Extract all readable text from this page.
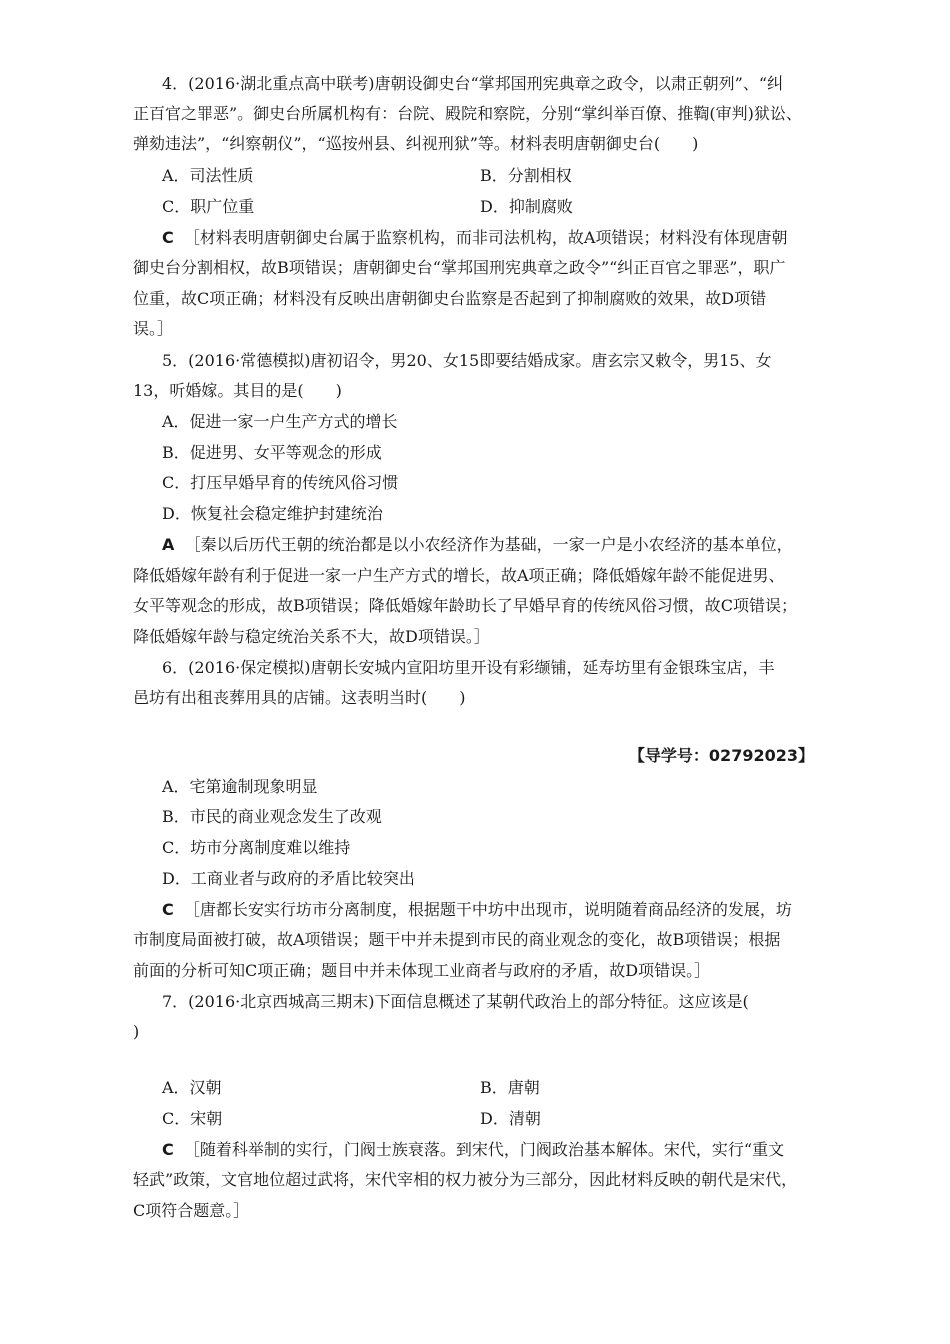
4．(2016·湖北重点高中联考)唐朝设御史台“掌邦国刑宪典章之政令，以肃正朝列”、“纠
正百官之罪恶”。御史台所属机构有：台院、殿院和察院，分别“掌纠举百僚、推鞫(审判)狱讼、
弹劾违法”，“纠察朝仪”，“巡按州县、纠视刑狱”等。材料表明唐朝御史台(　　)
A．司法性质	B．分割相权
C．职广位重	D．抑制腐败
C ［材料表明唐朝御史台属于监察机构，而非司法机构，故A项错误；材料没有体现唐朝
御史台分割相权，故B项错误；唐朝御史台“掌邦国刑宪典章之政令”“纠正百官之罪恶”，职广
位重，故C项正确；材料没有反映出唐朝御史台监察是否起到了抑制腐败的效果，故D项错
误。］
5．(2016·常德模拟)唐初诏令，男20、女15即要结婚成家。唐玄宗又敕令，男15、女
13，听婚嫁。其目的是(　　)
A．促进一家一户生产方式的增长
B．促进男、女平等观念的形成
C．打压早婚早育的传统风俗习惯
D．恢复社会稳定维护封建统治
A ［秦以后历代王朝的统治都是以小农经济作为基础，一家一户是小农经济的基本单位，
降低婚嫁年龄有利于促进一家一户生产方式的增长，故A项正确；降低婚嫁年龄不能促进男、
女平等观念的形成，故B项错误；降低婚嫁年龄助长了早婚早育的传统风俗习惯，故C项错误；
降低婚嫁年龄与稳定统治关系不大，故D项错误。］
6．(2016·保定模拟)唐朝长安城内宣阳坊里开设有彩缬铺，延寿坊里有金银珠宝店，丰
邑坊有出租丧葬用具的店铺。这表明当时(　　)
【导学号：02792023】
A．宅第逾制现象明显
B．市民的商业观念发生了改观
C．坊市分离制度难以维持
D．工商业者与政府的矛盾比较突出
C ［唐都长安实行坊市分离制度，根据题干中坊中出现市，说明随着商品经济的发展，坊
市制度局面被打破，故A项错误；题干中并未提到市民的商业观念的变化，故B项错误；根据
前面的分析可知C项正确；题目中并未体现工业商者与政府的矛盾，故D项错误。］
7．(2016·北京西城高三期末)下面信息概述了某朝代政治上的部分特征。这应该是(
)
A．汉朝	B．唐朝
C．宋朝	D．清朝
C ［随着科举制的实行，门阀士族衰落。到宋代，门阀政治基本解体。宋代，实行“重文
轻武”政策，文官地位超过武将，宋代宰相的权力被分为三部分，因此材料反映的朝代是宋代，
C项符合题意。］
